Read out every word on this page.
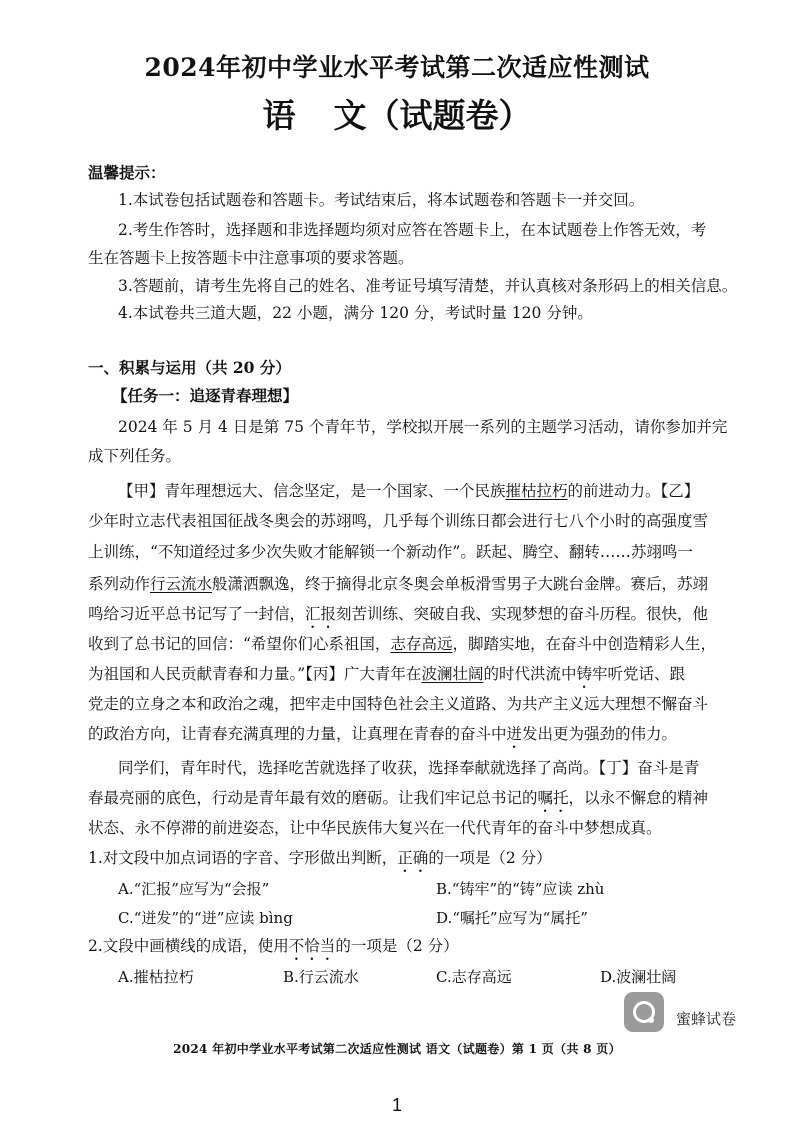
2024年初中学业水平考试第二次适应性测试
语 文（试题卷）
温馨提示：
1.本试卷包括试题卷和答题卡。考试结束后，将本试题卷和答题卡一并交回。
2.考生作答时，选择题和非选择题均须对应答在答题卡上，在本试题卷上作答无效，考
生在答题卡上按答题卡中注意事项的要求答题。
3.答题前，请考生先将自己的姓名、准考证号填写清楚，并认真核对条形码上的相关信息。
4.本试卷共三道大题，22 小题，满分 120 分，考试时量 120 分钟。
一、积累与运用（共 20 分）
【任务一：追逐青春理想】
2024 年 5 月 4 日是第 75 个青年节，学校拟开展一系列的主题学习活动，请你参加并完
成下列任务。
【甲】青年理想远大、信念坚定，是一个国家、一个民族摧枯拉朽的前进动力。【乙】
少年时立志代表祖国征战冬奥会的苏翊鸣，几乎每个训练日都会进行七八个小时的高强度雪
上训练，“不知道经过多少次失败才能解锁一个新动作”。跃起、腾空、翻转……苏翊鸣一
系列动作行云流水般潇洒飘逸，终于摘得北京冬奥会单板滑雪男子大跳台金牌。赛后，苏翊
鸣给习近平总书记写了一封信，汇报刻苦训练、突破自我、实现梦想的奋斗历程。很快，他
收到了总书记的回信：“希望你们心系祖国，志存高远，脚踏实地，在奋斗中创造精彩人生，
为祖国和人民贡献青春和力量。”【丙】广大青年在波澜壮阔的时代洪流中铸牢听党话、跟
党走的立身之本和政治之魂，把牢走中国特色社会主义道路、为共产主义远大理想不懈奋斗
的政治方向，让青春充满真理的力量，让真理在青春的奋斗中迸发出更为强劲的伟力。
同学们，青年时代，选择吃苦就选择了收获，选择奉献就选择了高尚。【丁】奋斗是青
春最亮丽的底色，行动是青年最有效的磨砺。让我们牢记总书记的嘱托，以永不懈怠的精神
状态、永不停滞的前进姿态，让中华民族伟大复兴在一代代青年的奋斗中梦想成真。
1.对文段中加点词语的字音、字形做出判断，正确的一项是（2 分）
A.“汇报”应写为“会报”	B.“铸牢”的“铸”应读 zhù
C.“迸发”的“迸”应读 bìng	D.“嘱托”应写为“属托”
2.文段中画横线的成语，使用不恰当的一项是（2 分）
A.摧枯拉朽	B.行云流水	C.志存高远	D.波澜壮阔
蜜蜂试卷
2024 年初中学业水平考试第二次适应性测试 语文（试题卷）第 1 页（共 8 页）
1
